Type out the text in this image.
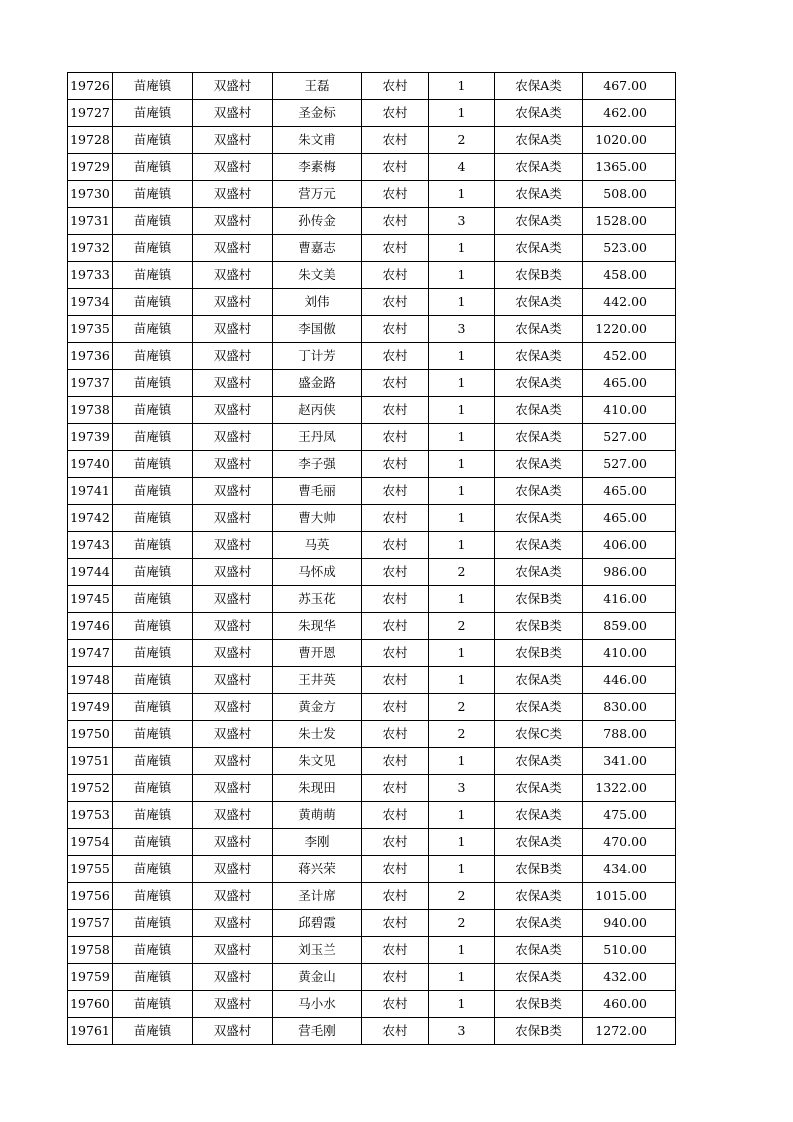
19726	苗庵镇	双盛村	王磊	农村	1	农保A类	467.00
19727	苗庵镇	双盛村	圣金标	农村	1	农保A类	462.00
19728	苗庵镇	双盛村	朱文甫	农村	2	农保A类	1020.00
19729	苗庵镇	双盛村	李素梅	农村	4	农保A类	1365.00
19730	苗庵镇	双盛村	营万元	农村	1	农保A类	508.00
19731	苗庵镇	双盛村	孙传金	农村	3	农保A类	1528.00
19732	苗庵镇	双盛村	曹嘉志	农村	1	农保A类	523.00
19733	苗庵镇	双盛村	朱文美	农村	1	农保B类	458.00
19734	苗庵镇	双盛村	刘伟	农村	1	农保A类	442.00
19735	苗庵镇	双盛村	李国傲	农村	3	农保A类	1220.00
19736	苗庵镇	双盛村	丁计芳	农村	1	农保A类	452.00
19737	苗庵镇	双盛村	盛金路	农村	1	农保A类	465.00
19738	苗庵镇	双盛村	赵丙侠	农村	1	农保A类	410.00
19739	苗庵镇	双盛村	王丹凤	农村	1	农保A类	527.00
19740	苗庵镇	双盛村	李子强	农村	1	农保A类	527.00
19741	苗庵镇	双盛村	曹毛丽	农村	1	农保A类	465.00
19742	苗庵镇	双盛村	曹大帅	农村	1	农保A类	465.00
19743	苗庵镇	双盛村	马英	农村	1	农保A类	406.00
19744	苗庵镇	双盛村	马怀成	农村	2	农保A类	986.00
19745	苗庵镇	双盛村	苏玉花	农村	1	农保B类	416.00
19746	苗庵镇	双盛村	朱现华	农村	2	农保B类	859.00
19747	苗庵镇	双盛村	曹开恩	农村	1	农保B类	410.00
19748	苗庵镇	双盛村	王井英	农村	1	农保A类	446.00
19749	苗庵镇	双盛村	黄金方	农村	2	农保A类	830.00
19750	苗庵镇	双盛村	朱士发	农村	2	农保C类	788.00
19751	苗庵镇	双盛村	朱文见	农村	1	农保A类	341.00
19752	苗庵镇	双盛村	朱现田	农村	3	农保A类	1322.00
19753	苗庵镇	双盛村	黄萌萌	农村	1	农保A类	475.00
19754	苗庵镇	双盛村	李刚	农村	1	农保A类	470.00
19755	苗庵镇	双盛村	蒋兴荣	农村	1	农保B类	434.00
19756	苗庵镇	双盛村	圣计席	农村	2	农保A类	1015.00
19757	苗庵镇	双盛村	邱碧霞	农村	2	农保A类	940.00
19758	苗庵镇	双盛村	刘玉兰	农村	1	农保A类	510.00
19759	苗庵镇	双盛村	黄金山	农村	1	农保A类	432.00
19760	苗庵镇	双盛村	马小水	农村	1	农保B类	460.00
19761	苗庵镇	双盛村	营毛刚	农村	3	农保B类	1272.00
